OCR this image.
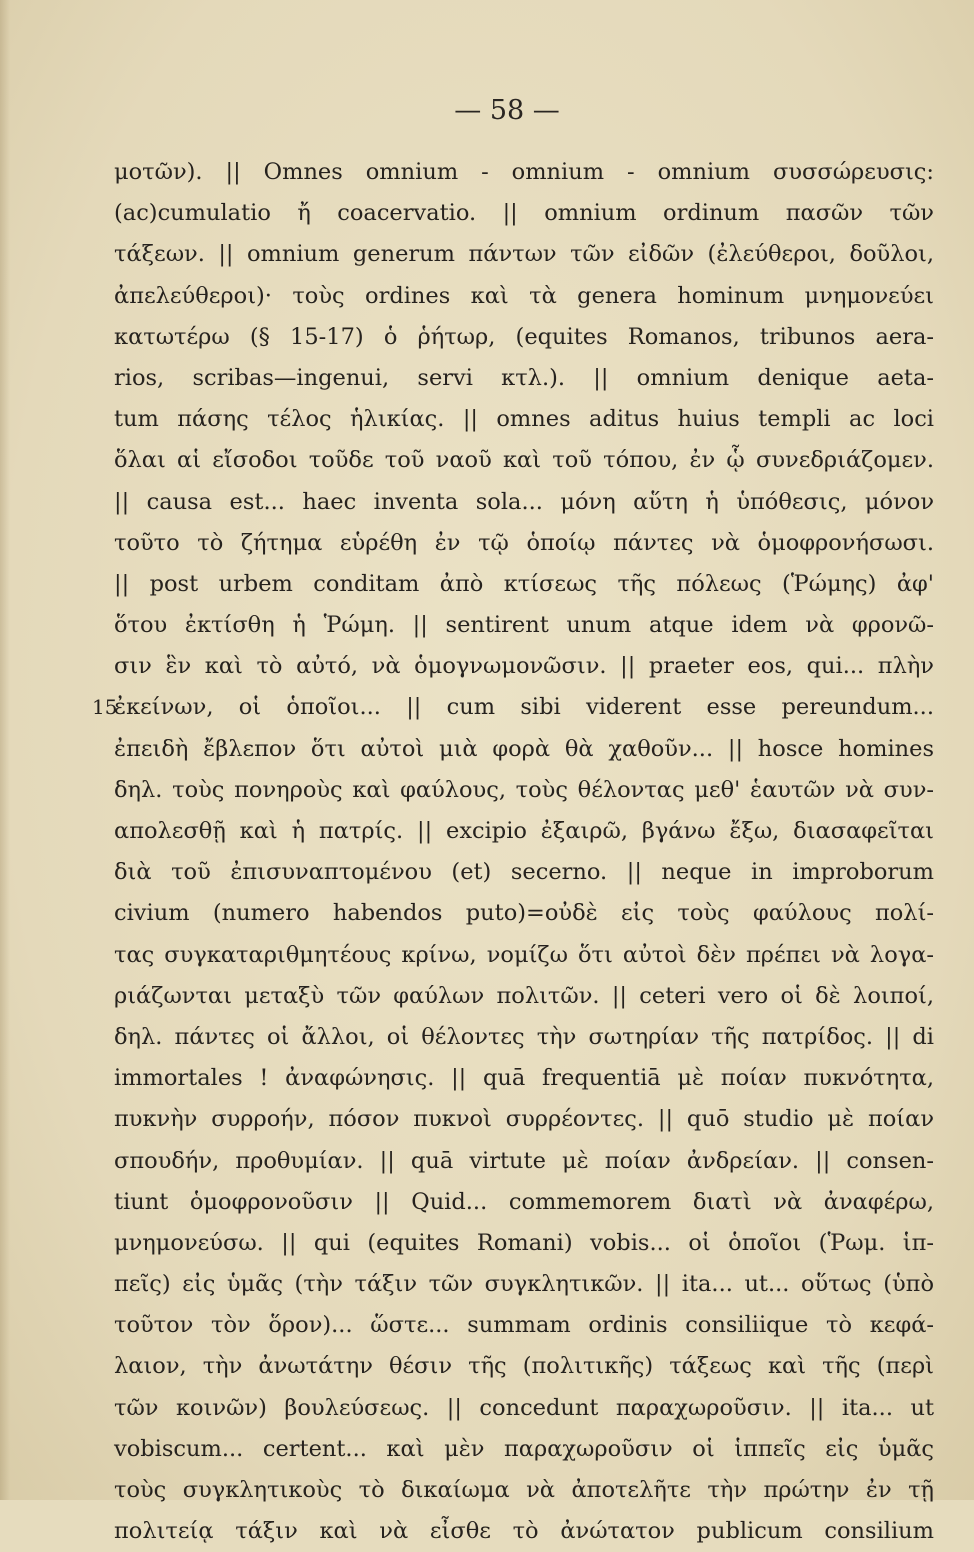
— 58 —
μοτῶν). || Omnes omnium - omnium - omnium συσσώρευσις:
(ac)cumulatio ἤ coacervatio. || omnium ordinum πασῶν τῶν
τάξεων. || omnium generum πάντων τῶν εἰδῶν (ἐλεύθεροι, δοῦλοι,
ἀπελεύθεροι)· τοὺς ordines καὶ τὰ genera hominum μνημονεύει
κατωτέρω (§ 15-17) ὁ ῥήτωρ, (equites Romanos, tribunos aera-
rios, scribas—ingenui, servi κτλ.). || omnium denique aeta-
tum πάσης τέλος ἡλικίας. || omnes aditus huius templi ac loci
ὅλαι αἱ εἴσοδοι τοῦδε τοῦ ναοῦ καὶ τοῦ τόπου, ἐν ᾧ συνεδριάζομεν.
|| causa est... haec inventa sola... μόνη αὕτη ἡ ὑπόθεσις, μόνον
τοῦτο τὸ ζήτημα εὑρέθη ἐν τῷ ὁποίῳ πάντες νὰ ὁμοφρονήσωσι.
|| post urbem conditam ἀπὸ κτίσεως τῆς πόλεως (Ῥώμης) ἀφ'
ὅτου ἐκτίσθη ἡ Ῥώμη. || sentirent unum atque idem νὰ φρονῶ-
σιν ἓν καὶ τὸ αὐτό, νὰ ὁμογνωμονῶσιν. || praeter eos, qui... πλὴν
15
ἐκείνων, οἱ ὁποῖοι... || cum sibi viderent esse pereundum...
ἐπειδὴ ἔβλεπον ὅτι αὐτοὶ μιὰ φορὰ θὰ χαθοῦν... || hosce homines
δηλ. τοὺς πονηροὺς καὶ φαύλους, τοὺς θέλοντας μεθ' ἑαυτῶν νὰ συν-
απολεσθῇ καὶ ἡ πατρίς. || excipio ἐξαιρῶ, βγάνω ἔξω, διασαφεῖται
διὰ τοῦ ἐπισυναπτομένου (et) secerno. || neque in improborum
civium (numero habendos puto)=οὐδὲ εἰς τοὺς φαύλους πολί-
τας συγκαταριθμητέους κρίνω, νομίζω ὅτι αὐτοὶ δὲν πρέπει νὰ λογα-
ριάζωνται μεταξὺ τῶν φαύλων πολιτῶν. || ceteri vero οἱ δὲ λοιποί,
δηλ. πάντες οἱ ἄλλοι, οἱ θέλοντες τὴν σωτηρίαν τῆς πατρίδος. || di
immortales ! ἀναφώνησις. || quā frequentiā μὲ ποίαν πυκνότητα,
πυκνὴν συρροήν, πόσον πυκνοὶ συρρέοντες. || quō studio μὲ ποίαν
σπουδήν, προθυμίαν. || quā virtute μὲ ποίαν ἀνδρείαν. || consen-
tiunt ὁμοφρονοῦσιν || Quid... commemorem διατὶ νὰ ἀναφέρω,
μνημονεύσω. || qui (equites Romani) vobis... οἱ ὁποῖοι (Ῥωμ. ἱπ-
πεῖς) εἰς ὑμᾶς (τὴν τάξιν τῶν συγκλητικῶν. || ita... ut... οὕτως (ὑπὸ
τοῦτον τὸν ὅρον)... ὥστε... summam ordinis consiliique τὸ κεφά-
λαιον, τὴν ἀνωτάτην θέσιν τῆς (πολιτικῆς) τάξεως καὶ τῆς (περὶ
τῶν κοινῶν) βουλεύσεως. || concedunt παραχωροῦσιν. || ita... ut
vobiscum... certent... καὶ μὲν παραχωροῦσιν οἱ ἱππεῖς εἰς ὑμᾶς
τοὺς συγκλητικοὺς τὸ δικαίωμα νὰ ἀποτελῆτε τὴν πρώτην ἐν τῇ
πολιτείᾳ τάξιν καὶ νὰ εἶσθε τὸ ἀνώτατον publicum consilium
